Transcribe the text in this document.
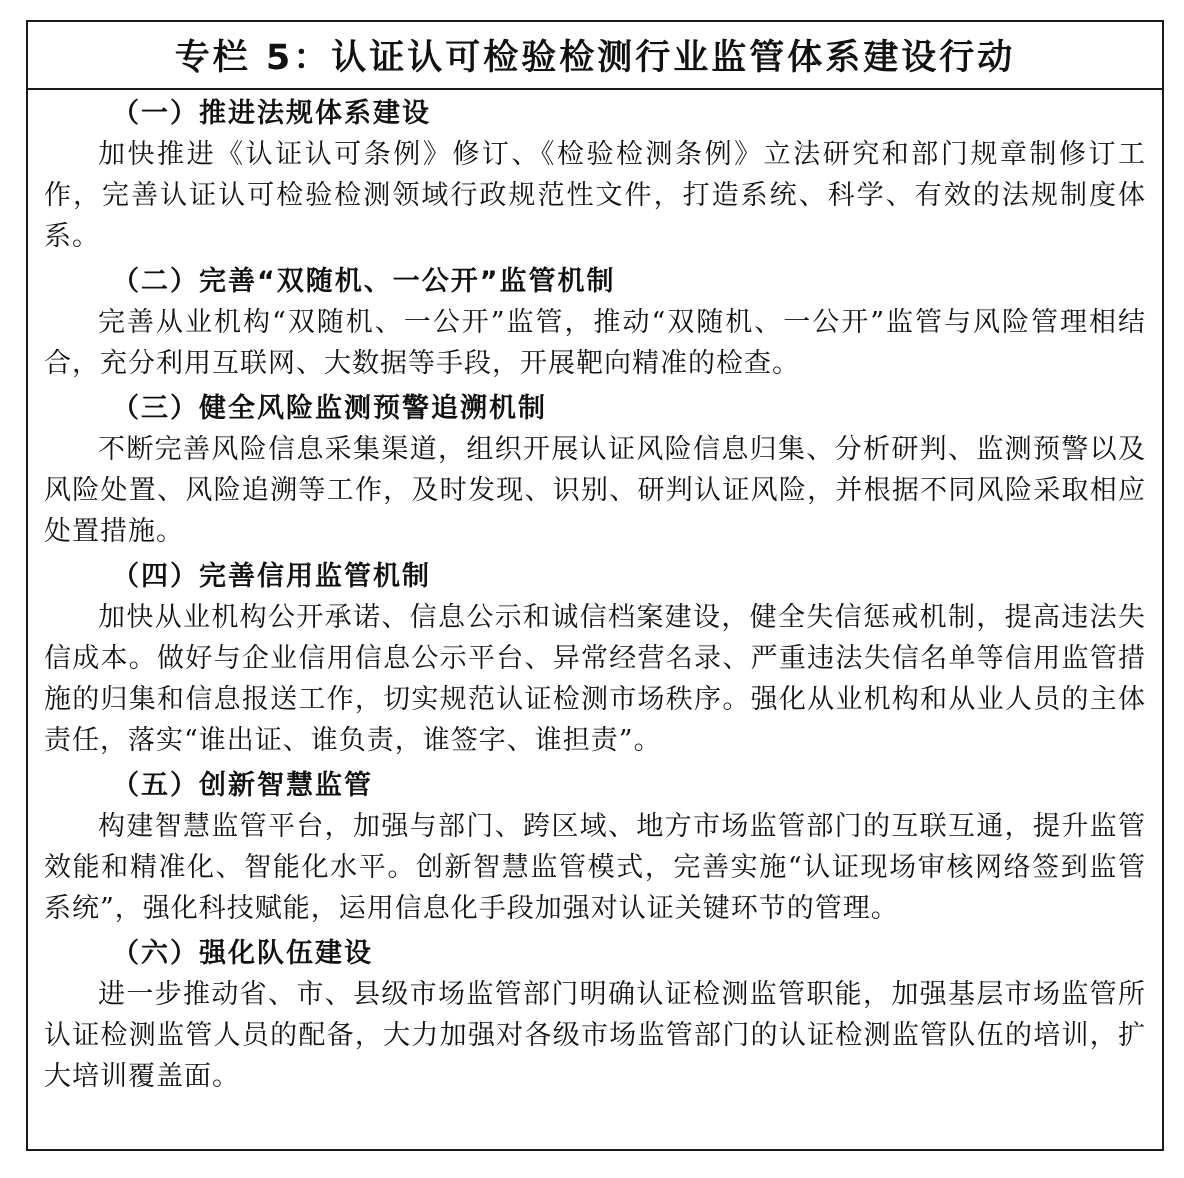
专栏 5：认证认可检验检测行业监管体系建设行动
（一）推进法规体系建设

加快推进《认证认可条例》修订、《检验检测条例》立法研究和部门规章制修订工作，完善认证认可检验检测领域行政规范性文件，打造系统、科学、有效的法规制度体系。

（二）完善“双随机、一公开”监管机制

完善从业机构“双随机、一公开”监管，推动“双随机、一公开”监管与风险管理相结合，充分利用互联网、大数据等手段，开展靶向精准的检查。

（三）健全风险监测预警追溯机制

不断完善风险信息采集渠道，组织开展认证风险信息归集、分析研判、监测预警以及风险处置、风险追溯等工作，及时发现、识别、研判认证风险，并根据不同风险采取相应处置措施。

（四）完善信用监管机制

加快从业机构公开承诺、信息公示和诚信档案建设，健全失信惩戒机制，提高违法失信成本。做好与企业信用信息公示平台、异常经营名录、严重违法失信名单等信用监管措施的归集和信息报送工作，切实规范认证检测市场秩序。强化从业机构和从业人员的主体责任，落实“谁出证、谁负责，谁签字、谁担责”。

（五）创新智慧监管

构建智慧监管平台，加强与部门、跨区域、地方市场监管部门的互联互通，提升监管效能和精准化、智能化水平。创新智慧监管模式，完善实施“认证现场审核网络签到监管系统”，强化科技赋能，运用信息化手段加强对认证关键环节的管理。

（六）强化队伍建设

进一步推动省、市、县级市场监管部门明确认证检测监管职能，加强基层市场监管所认证检测监管人员的配备，大力加强对各级市场监管部门的认证检测监管队伍的培训，扩大培训覆盖面。
